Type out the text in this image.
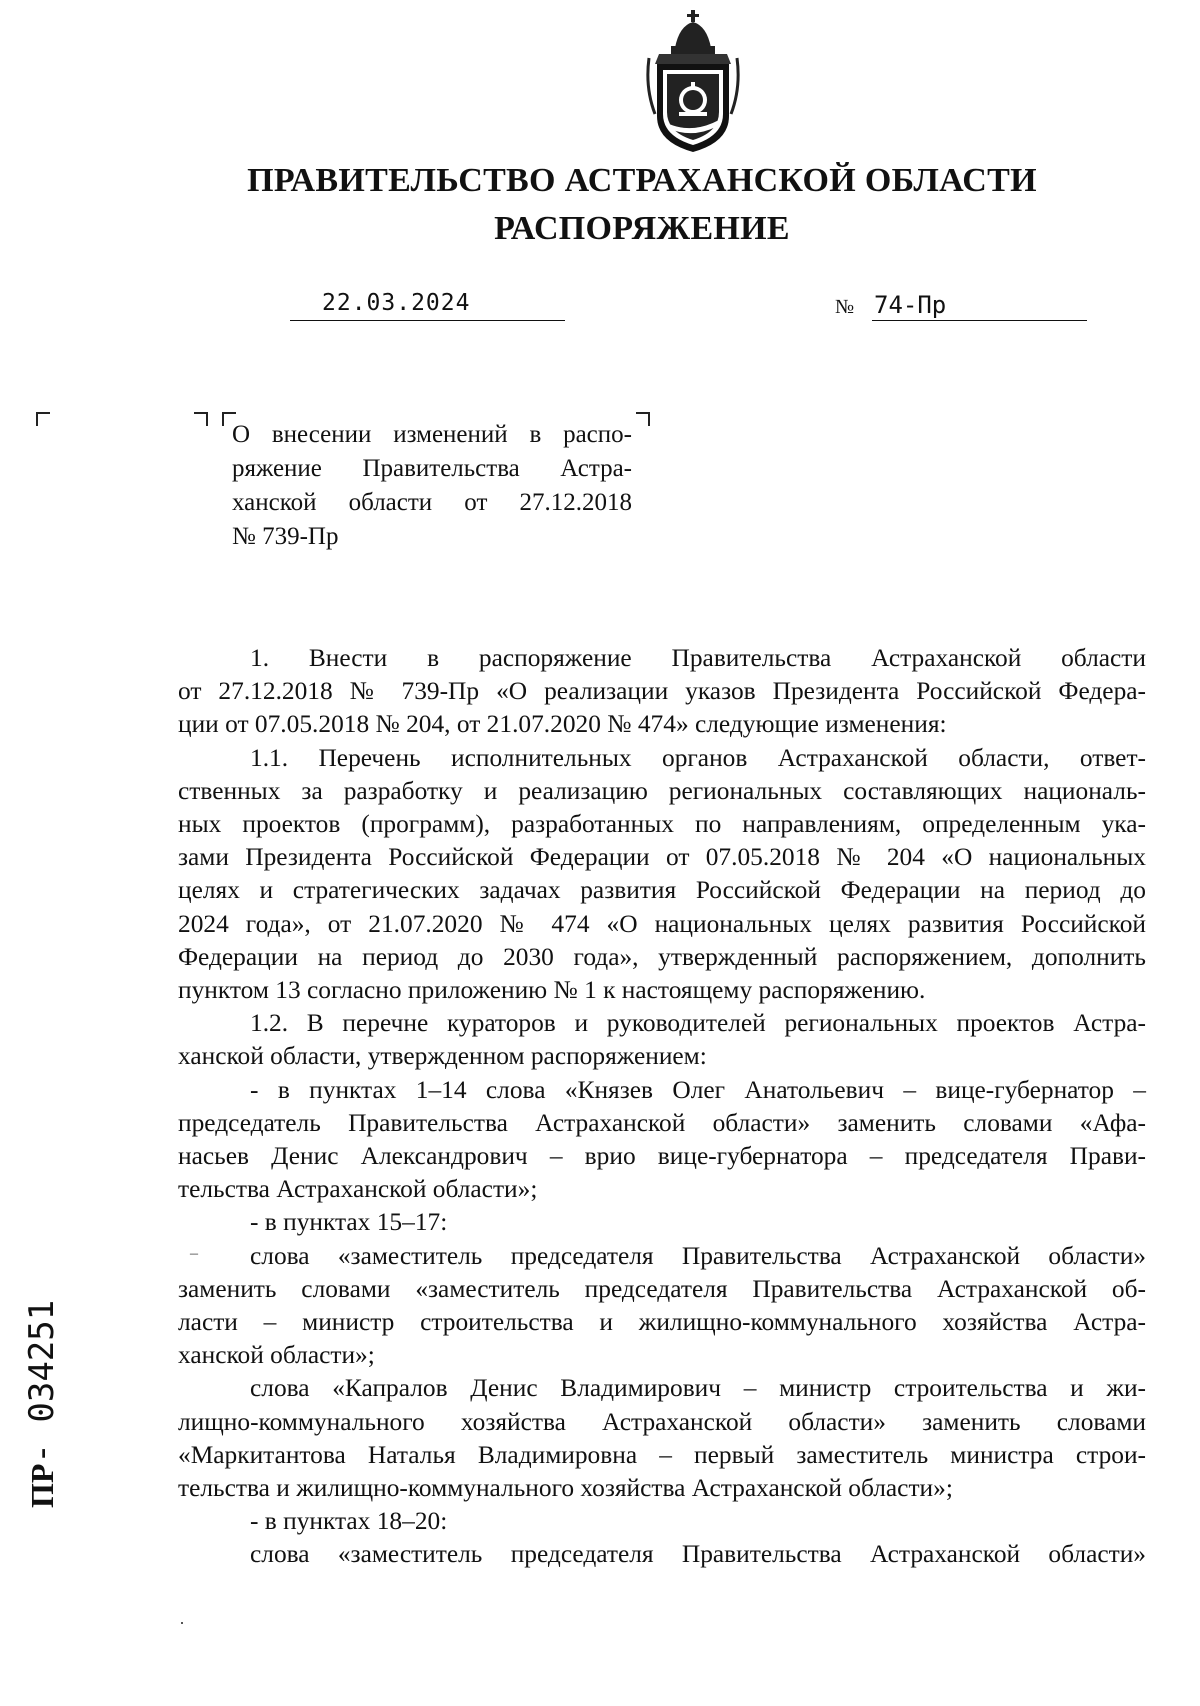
ПРАВИТЕЛЬСТВО АСТРАХАНСКОЙ ОБЛАСТИ
РАСПОРЯЖЕНИЕ
22.03.2024	№ 74-Пр
О внесении изменений в распо-
ряжение Правительства Астра-
ханской области от 27.12.2018
№ 739-Пр
1. Внести в распоряжение Правительства Астраханской области
от 27.12.2018 № 739-Пр «О реализации указов Президента Российской Федера-
ции от 07.05.2018 № 204, от 21.07.2020 № 474» следующие изменения:
1.1. Перечень исполнительных органов Астраханской области, ответ-
ственных за разработку и реализацию региональных составляющих националь-
ных проектов (программ), разработанных по направлениям, определенным ука-
зами Президента Российской Федерации от 07.05.2018 № 204 «О национальных
целях и стратегических задачах развития Российской Федерации на период до
2024 года», от 21.07.2020 № 474 «О национальных целях развития Российской
Федерации на период до 2030 года», утвержденный распоряжением, дополнить
пунктом 13 согласно приложению № 1 к настоящему распоряжению.
1.2. В перечне кураторов и руководителей региональных проектов Астра-
ханской области, утвержденном распоряжением:
- в пунктах 1–14 слова «Князев Олег Анатольевич – вице-губернатор –
председатель Правительства Астраханской области» заменить словами «Афа-
насьев Денис Александрович – врио вице-губернатора – председателя Прави-
тельства Астраханской области»;
- в пунктах 15–17:
слова «заместитель председателя Правительства Астраханской области»
заменить словами «заместитель председателя Правительства Астраханской об-
ласти – министр строительства и жилищно-коммунального хозяйства Астра-
ханской области»;
слова «Капралов Денис Владимирович – министр строительства и жи-
лищно-коммунального хозяйства Астраханской области» заменить словами
«Маркитантова Наталья Владимировна – первый заместитель министра строи-
тельства и жилищно-коммунального хозяйства Астраханской области»;
- в пунктах 18–20:
слова «заместитель председателя Правительства Астраханской области»
–
ПР- 034251
